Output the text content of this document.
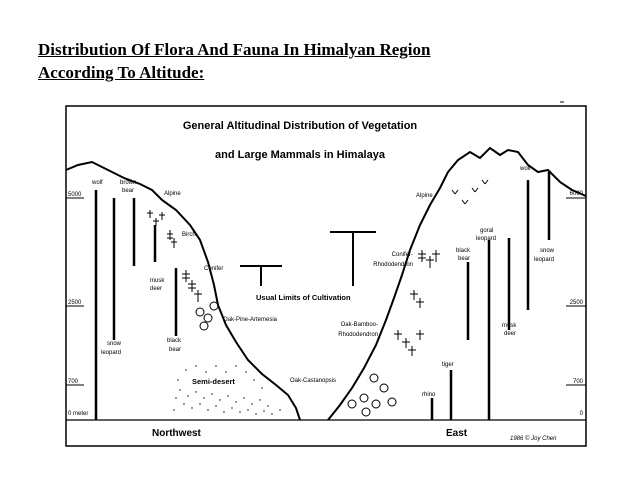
Distribution Of Flora And Fauna In Himalyan Region
According To Altitude:
General Altitudinal Distribution of Vegetation
and Large Mammals in Himalaya
5000
2500
700
0 meter
6000
2500
700
0
Alpine
Birch
Conifer
Oak-Pine-Artemesia
Semi-desert
Alpine
Conifer-
Rhododendron
Oak-Bamboo-
Rhododendron
Oak-Castanopsis
Usual Limits of Cultivation
wolf	brown
bear
musk
deer
snow
leopard
black
bear
wolf
goral
leopard
black
bear
snow
leopard
musk
deer
tiger
rhino
Northwest	East	1986 © Joy Chen
